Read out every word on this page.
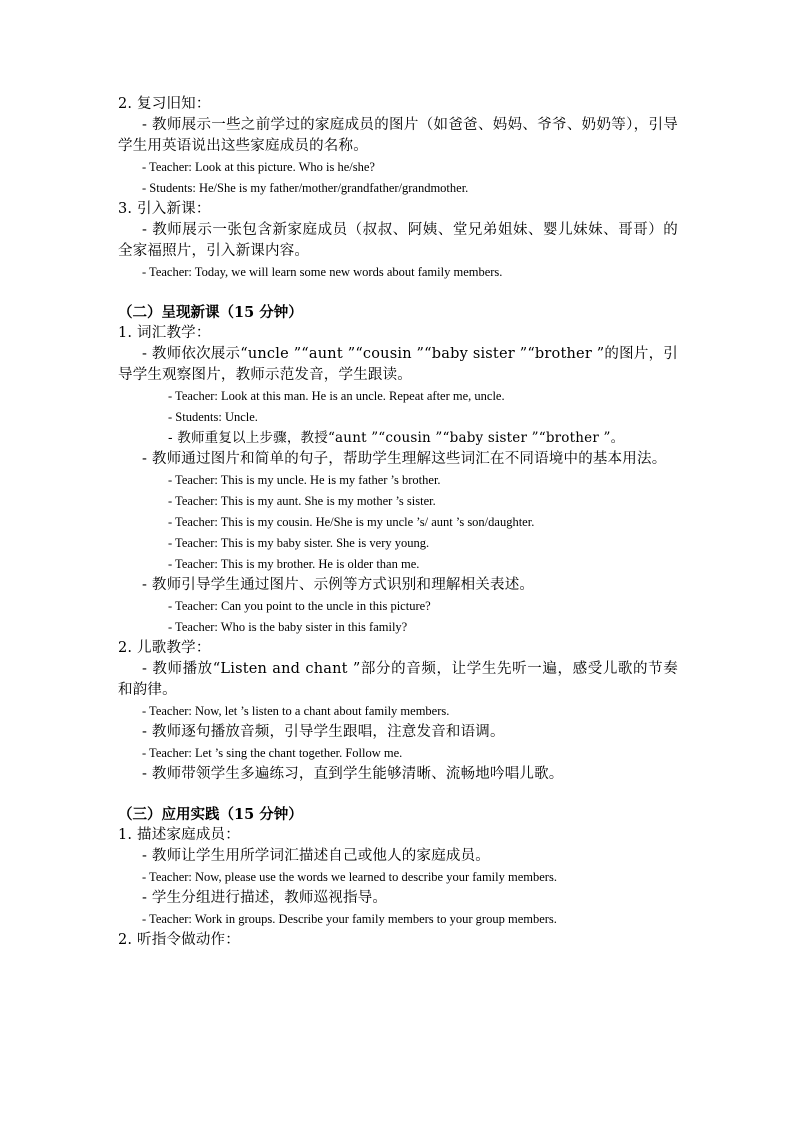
2. 复习旧知：

- 教师展示一些之前学过的家庭成员的图片（如爸爸、妈妈、爷爷、奶奶等），引导学生用英语说出这些家庭成员的名称。

- Teacher: Look at this picture. Who is he/she?

- Students: He/She is my father/mother/grandfather/grandmother.

3. 引入新课：

- 教师展示一张包含新家庭成员（叔叔、阿姨、堂兄弟姐妹、婴儿妹妹、哥哥）的全家福照片，引入新课内容。

- Teacher: Today, we will learn some new words about family members.

（二）呈现新课（15 分钟）

1. 词汇教学：

- 教师依次展示“uncle ”“aunt ”“cousin ”“baby sister ”“brother ”的图片，引导学生观察图片，教师示范发音，学生跟读。

- Teacher: Look at this man. He is an uncle. Repeat after me, uncle.

- Students: Uncle.

- 教师重复以上步骤，教授“aunt ”“cousin ”“baby sister ”“brother ”。

- 教师通过图片和简单的句子，帮助学生理解这些词汇在不同语境中的基本用法。

- Teacher: This is my uncle. He is my father ’s brother.

- Teacher: This is my aunt. She is my mother ’s sister.

- Teacher: This is my cousin. He/She is my uncle ’s/ aunt ’s son/daughter.

- Teacher: This is my baby sister. She is very young.

- Teacher: This is my brother. He is older than me.

- 教师引导学生通过图片、示例等方式识别和理解相关表述。

- Teacher: Can you point to the uncle in this picture?

- Teacher: Who is the baby sister in this family?

2. 儿歌教学：

- 教师播放“Listen and chant ”部分的音频，让学生先听一遍，感受儿歌的节奏和韵律。

- Teacher: Now, let ’s listen to a chant about family members.

- 教师逐句播放音频，引导学生跟唱，注意发音和语调。

- Teacher: Let ’s sing the chant together. Follow me.

- 教师带领学生多遍练习，直到学生能够清晰、流畅地吟唱儿歌。

（三）应用实践（15 分钟）

1. 描述家庭成员：

- 教师让学生用所学词汇描述自己或他人的家庭成员。

- Teacher: Now, please use the words we learned to describe your family members.

- 学生分组进行描述，教师巡视指导。

- Teacher: Work in groups. Describe your family members to your group members.

2. 听指令做动作：
